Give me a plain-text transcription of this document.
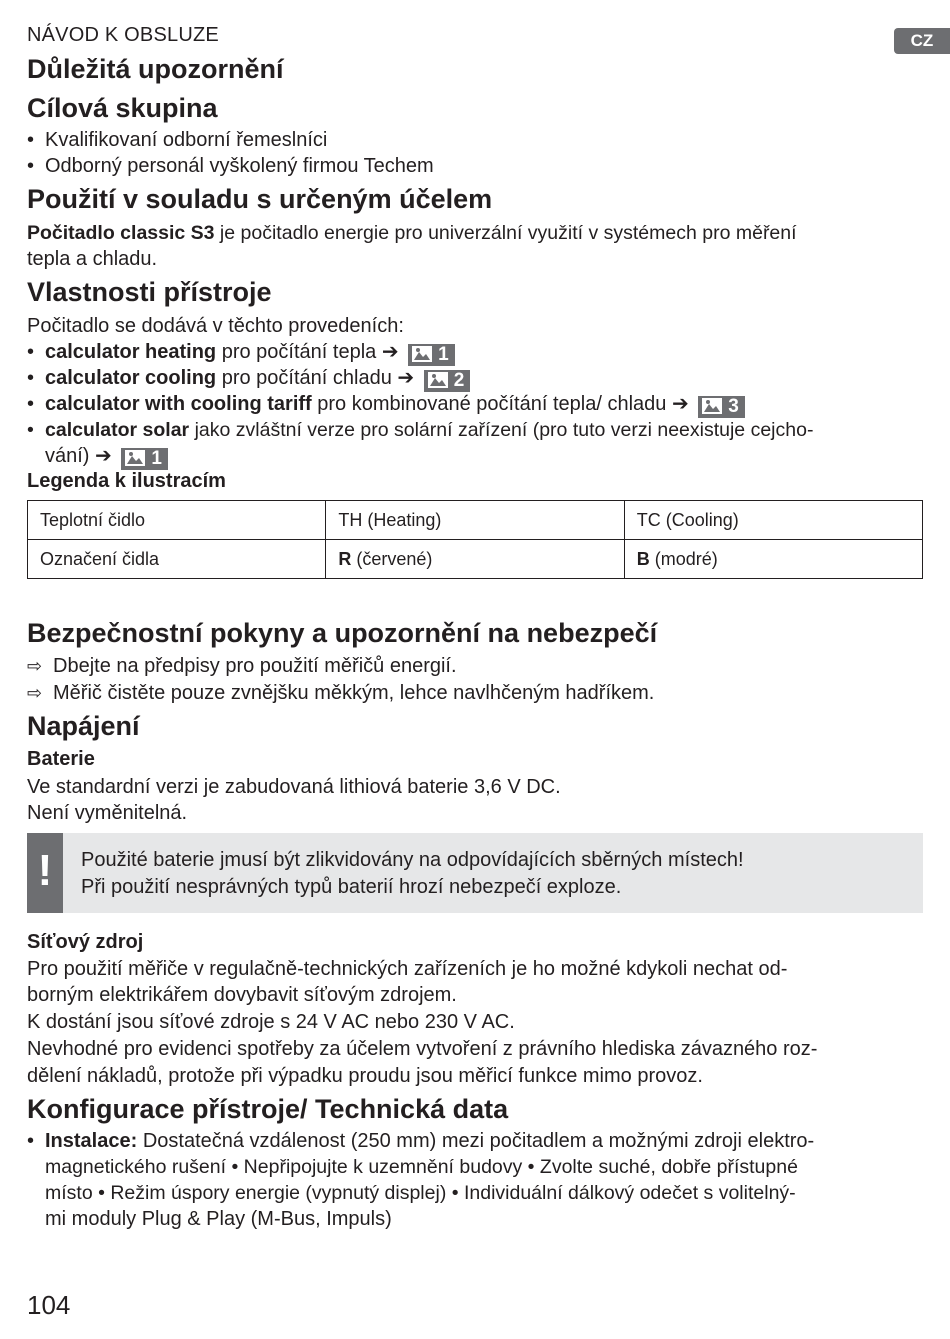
CZ
NÁVOD K OBSLUZE
Důležitá upozornění
Cílová skupina

• Kvalifikovaní odborní řemeslníci

• Odborný personál vyškolený firmou Techem

Použití v souladu s určeným účelem

Počitadlo classic S3 je počitadlo energie pro univerzální využití v systémech pro měření

tepla a chladu.

Vlastnosti přístroje

Počitadlo se dodává v těchto provedeních:

• calculator heating pro počítání tepla ➔ 1

• calculator cooling pro počítání chladu ➔ 2

• calculator with cooling tariff pro kombinované počítání tepla/ chladu ➔ 3

• calculator solar jako zvláštní verze pro solární zařízení (pro tuto verzi neexistuje cejcho-

vání) ➔ 1

Legenda k ilustracím
Teplotní čidlo	TH (Heating)	TC (Cooling)
Označení čidla	R (červené)	B (modré)
Bezpečnostní pokyny a upozornění na nebezpečí

⇨ Dbejte na předpisy pro použití měřičů energií.

⇨ Měřič čistěte pouze zvnějšku měkkým, lehce navlhčeným hadříkem.

Napájení
Baterie

Ve standardní verzi je zabudovaná lithiová baterie 3,6 V DC.

Není vyměnitelná.

!	Použité baterie jmusí být zlikvidovány na odpovídajících sběrných místech!
Při použití nesprávných typů baterií hrozí nebezpečí exploze.
Síťový zdroj

Pro použití měřiče v regulačně-technických zařízeních je ho možné kdykoli nechat od-

borným elektrikářem dovybavit síťovým zdrojem.

K dostání jsou síťové zdroje s 24 V AC nebo 230 V AC.

Nevhodné pro evidenci spotřeby za účelem vytvoření z právního hlediska závazného roz-

dělení nákladů, protože při výpadku proudu jsou měřicí funkce mimo provoz.

Konfigurace přístroje/ Technická data

• Instalace: Dostatečná vzdálenost (250 mm) mezi počitadlem a možnými zdroji elektro-

magnetického rušení • Nepřipojujte k uzemnění budovy • Zvolte suché, dobře přístupné

místo • Režim úspory energie (vypnutý displej) • Individuální dálkový odečet s volitelný-

mi moduly Plug & Play (M-Bus, Impuls)

104
